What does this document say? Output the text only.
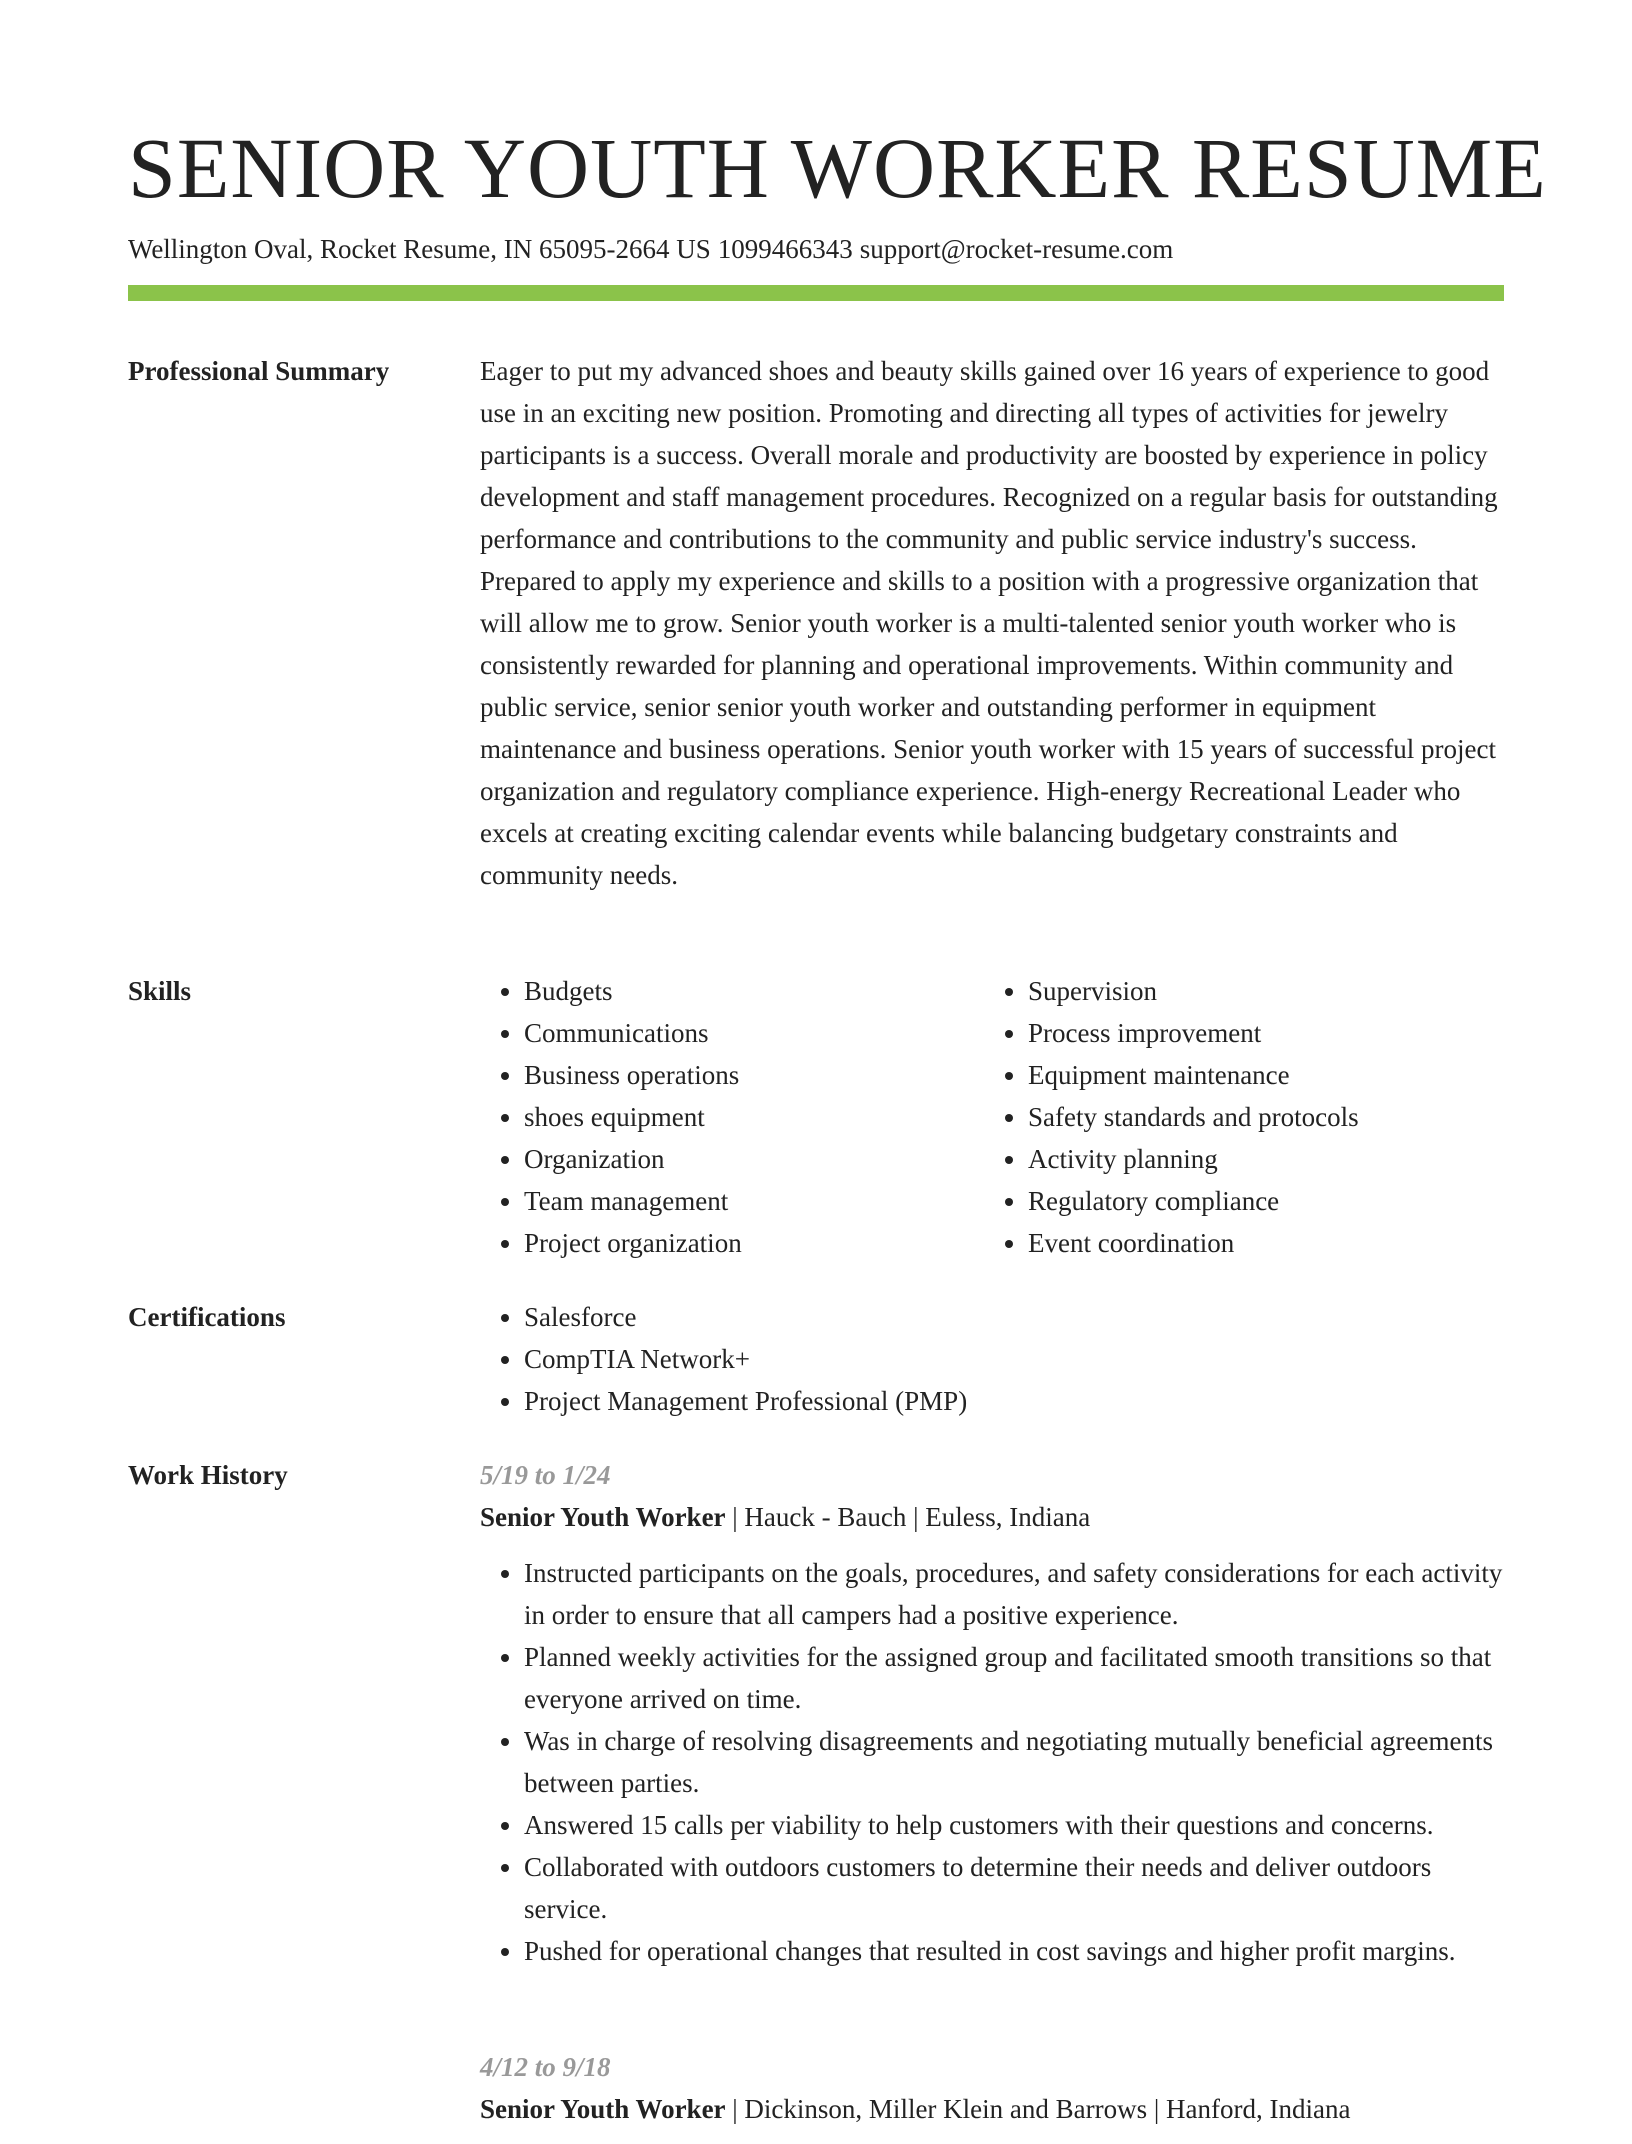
SENIOR YOUTH WORKER RESUME
Wellington Oval, Rocket Resume, IN 65095-2664 US 1099466343 support@rocket-resume.com
Professional Summary	Eager to put my advanced shoes and beauty skills gained over 16 years of experience to good use in an exciting new position. Promoting and directing all types of activities for jewelry participants is a success. Overall morale and productivity are boosted by experience in policy development and staff management procedures. Recognized on a regular basis for outstanding performance and contributions to the community and public service industry's success. Prepared to apply my experience and skills to a position with a progressive organization that will allow me to grow. Senior youth worker is a multi-talented senior youth worker who is consistently rewarded for planning and operational improvements. Within community and public service, senior senior youth worker and outstanding performer in equipment maintenance and business operations. Senior youth worker with 15 years of successful project organization and regulatory compliance experience. High-energy Recreational Leader who excels at creating exciting calendar events while balancing budgetary constraints and community needs.

Skills	• Budgets
• Communications
• Business operations
• shoes equipment
• Organization
• Team management
• Project organization
• Supervision
• Process improvement
• Equipment maintenance
• Safety standards and protocols
• Activity planning
• Regulatory compliance
• Event coordination
Certifications	• Salesforce
• CompTIA Network+
• Project Management Professional (PMP)
Work History	5/19 to 1/24
Senior Youth Worker | Hauck - Bauch | Euless, Indiana
• Instructed participants on the goals, procedures, and safety considerations for each activity in order to ensure that all campers had a positive experience.
• Planned weekly activities for the assigned group and facilitated smooth transitions so that everyone arrived on time.
• Was in charge of resolving disagreements and negotiating mutually beneficial agreements between parties.
• Answered 15 calls per viability to help customers with their questions and concerns.
• Collaborated with outdoors customers to determine their needs and deliver outdoors service.
• Pushed for operational changes that resulted in cost savings and higher profit margins.
4/12 to 9/18
Senior Youth Worker | Dickinson, Miller Klein and Barrows | Hanford, Indiana
